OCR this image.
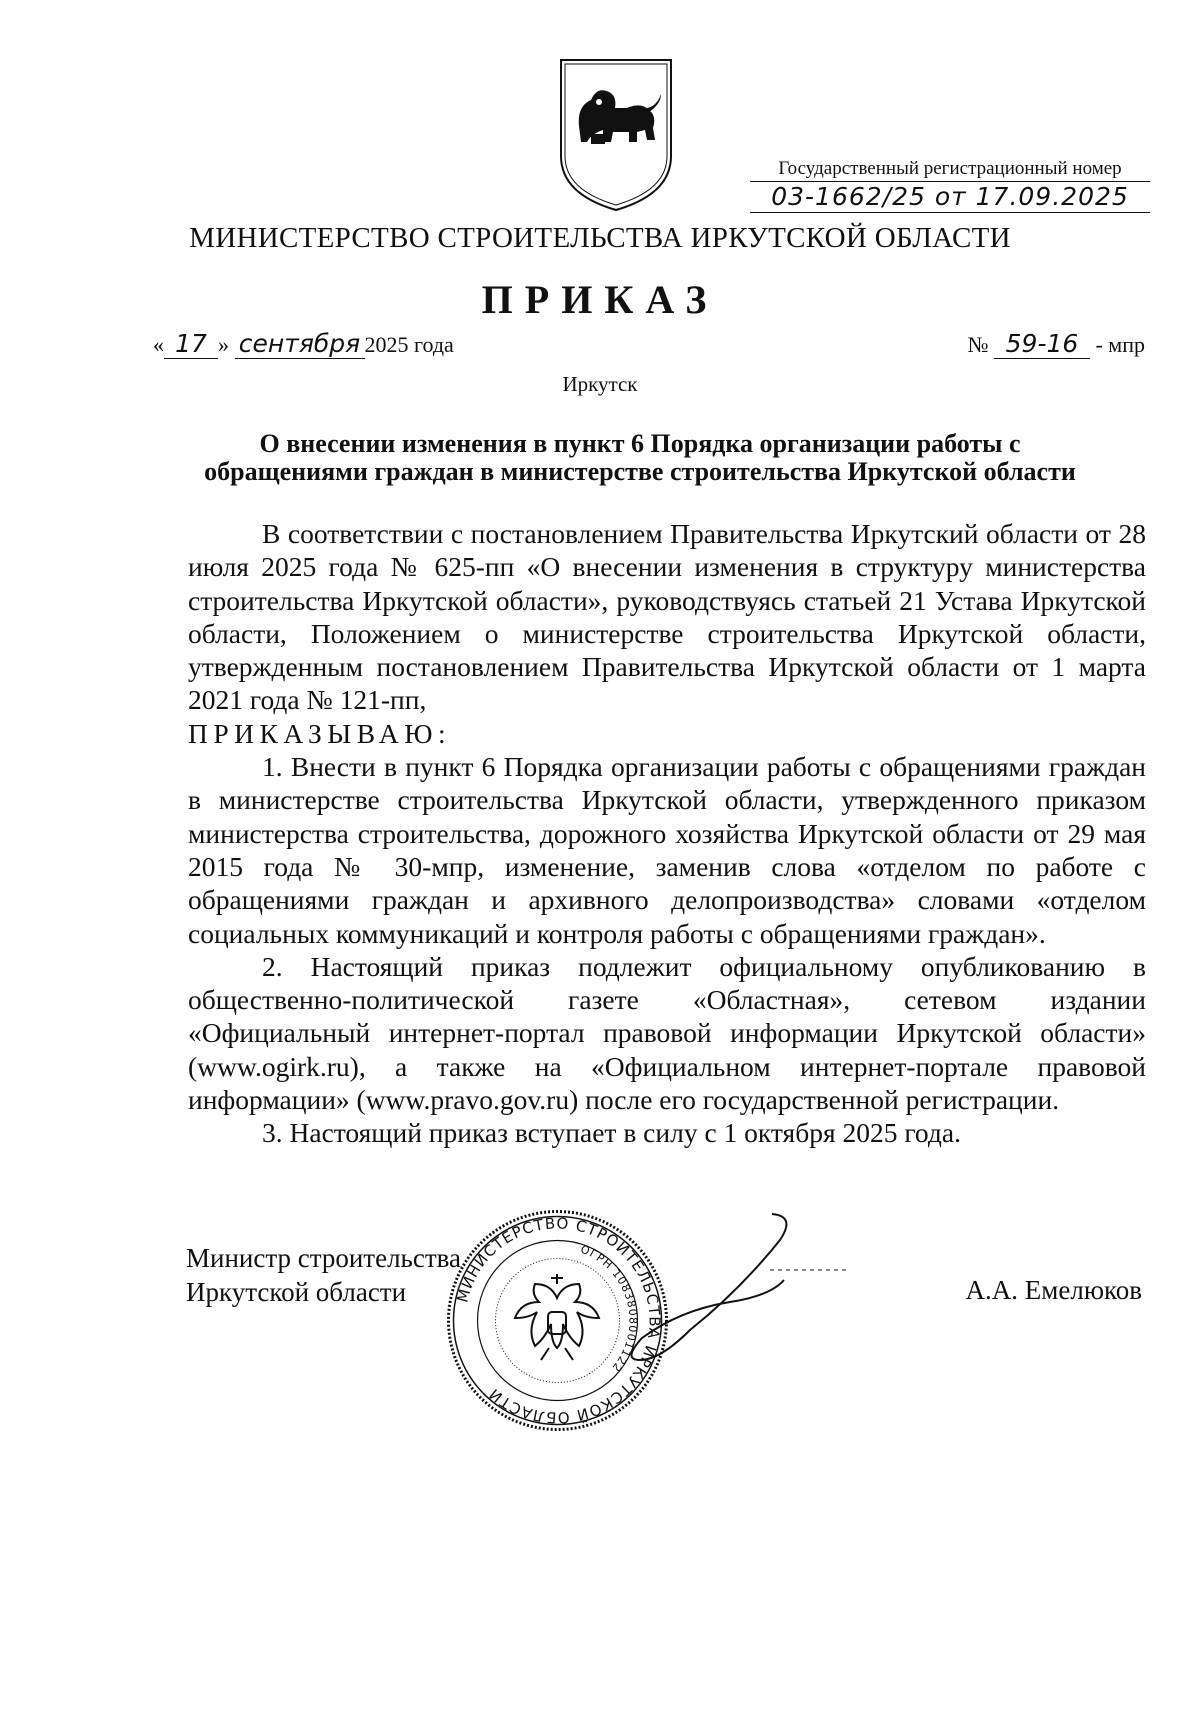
Государственный регистрационный номер
03-1662/25 от 17.09.2025
МИНИСТЕРСТВО СТРОИТЕЛЬСТВА ИРКУТСКОЙ ОБЛАСТИ
ПРИКАЗ
« 17 » сентября 2025 года	№ 59-16 - мпр
Иркутск
О внесении изменения в пункт 6 Порядка организации работы с
обращениями граждан в министерстве строительства Иркутской области

В соответствии с постановлением Правительства Иркутский области от 28 июля 2025 года № 625-пп «О внесении изменения в структуру министерства строительства Иркутской области», руководствуясь статьей 21 Устава Иркутской области, Положением о министерстве строительства Иркутской области, утвержденным постановлением Правительства Иркутской области от 1 марта 2021 года № 121-пп,

ПРИКАЗЫВАЮ:

1. Внести в пункт 6 Порядка организации работы с обращениями граждан в министерстве строительства Иркутской области, утвержденного приказом министерства строительства, дорожного хозяйства Иркутской области от 29 мая 2015 года № 30-мпр, изменение, заменив слова «отделом по работе с обращениями граждан и архивного делопроизводства» словами «отделом социальных коммуникаций и контроля работы с обращениями граждан».

2. Настоящий приказ подлежит официальному опубликованию в общественно-политической газете «Областная», сетевом издании «Официальный интернет-портал правовой информации Иркутской области» (www.ogirk.ru), а также на «Официальном интернет-портале правовой информации» (www.pravo.gov.ru) после его государственной регистрации.

3. Настоящий приказ вступает в силу с 1 октября 2025 года.

Министр строительства
Иркутской области	А.А. Емелюков
МИНИСТЕРСТВО СТРОИТЕЛЬСТВА ИРКУТСКОЙ ОБЛАСТИ
ОГРН 1083808001122
